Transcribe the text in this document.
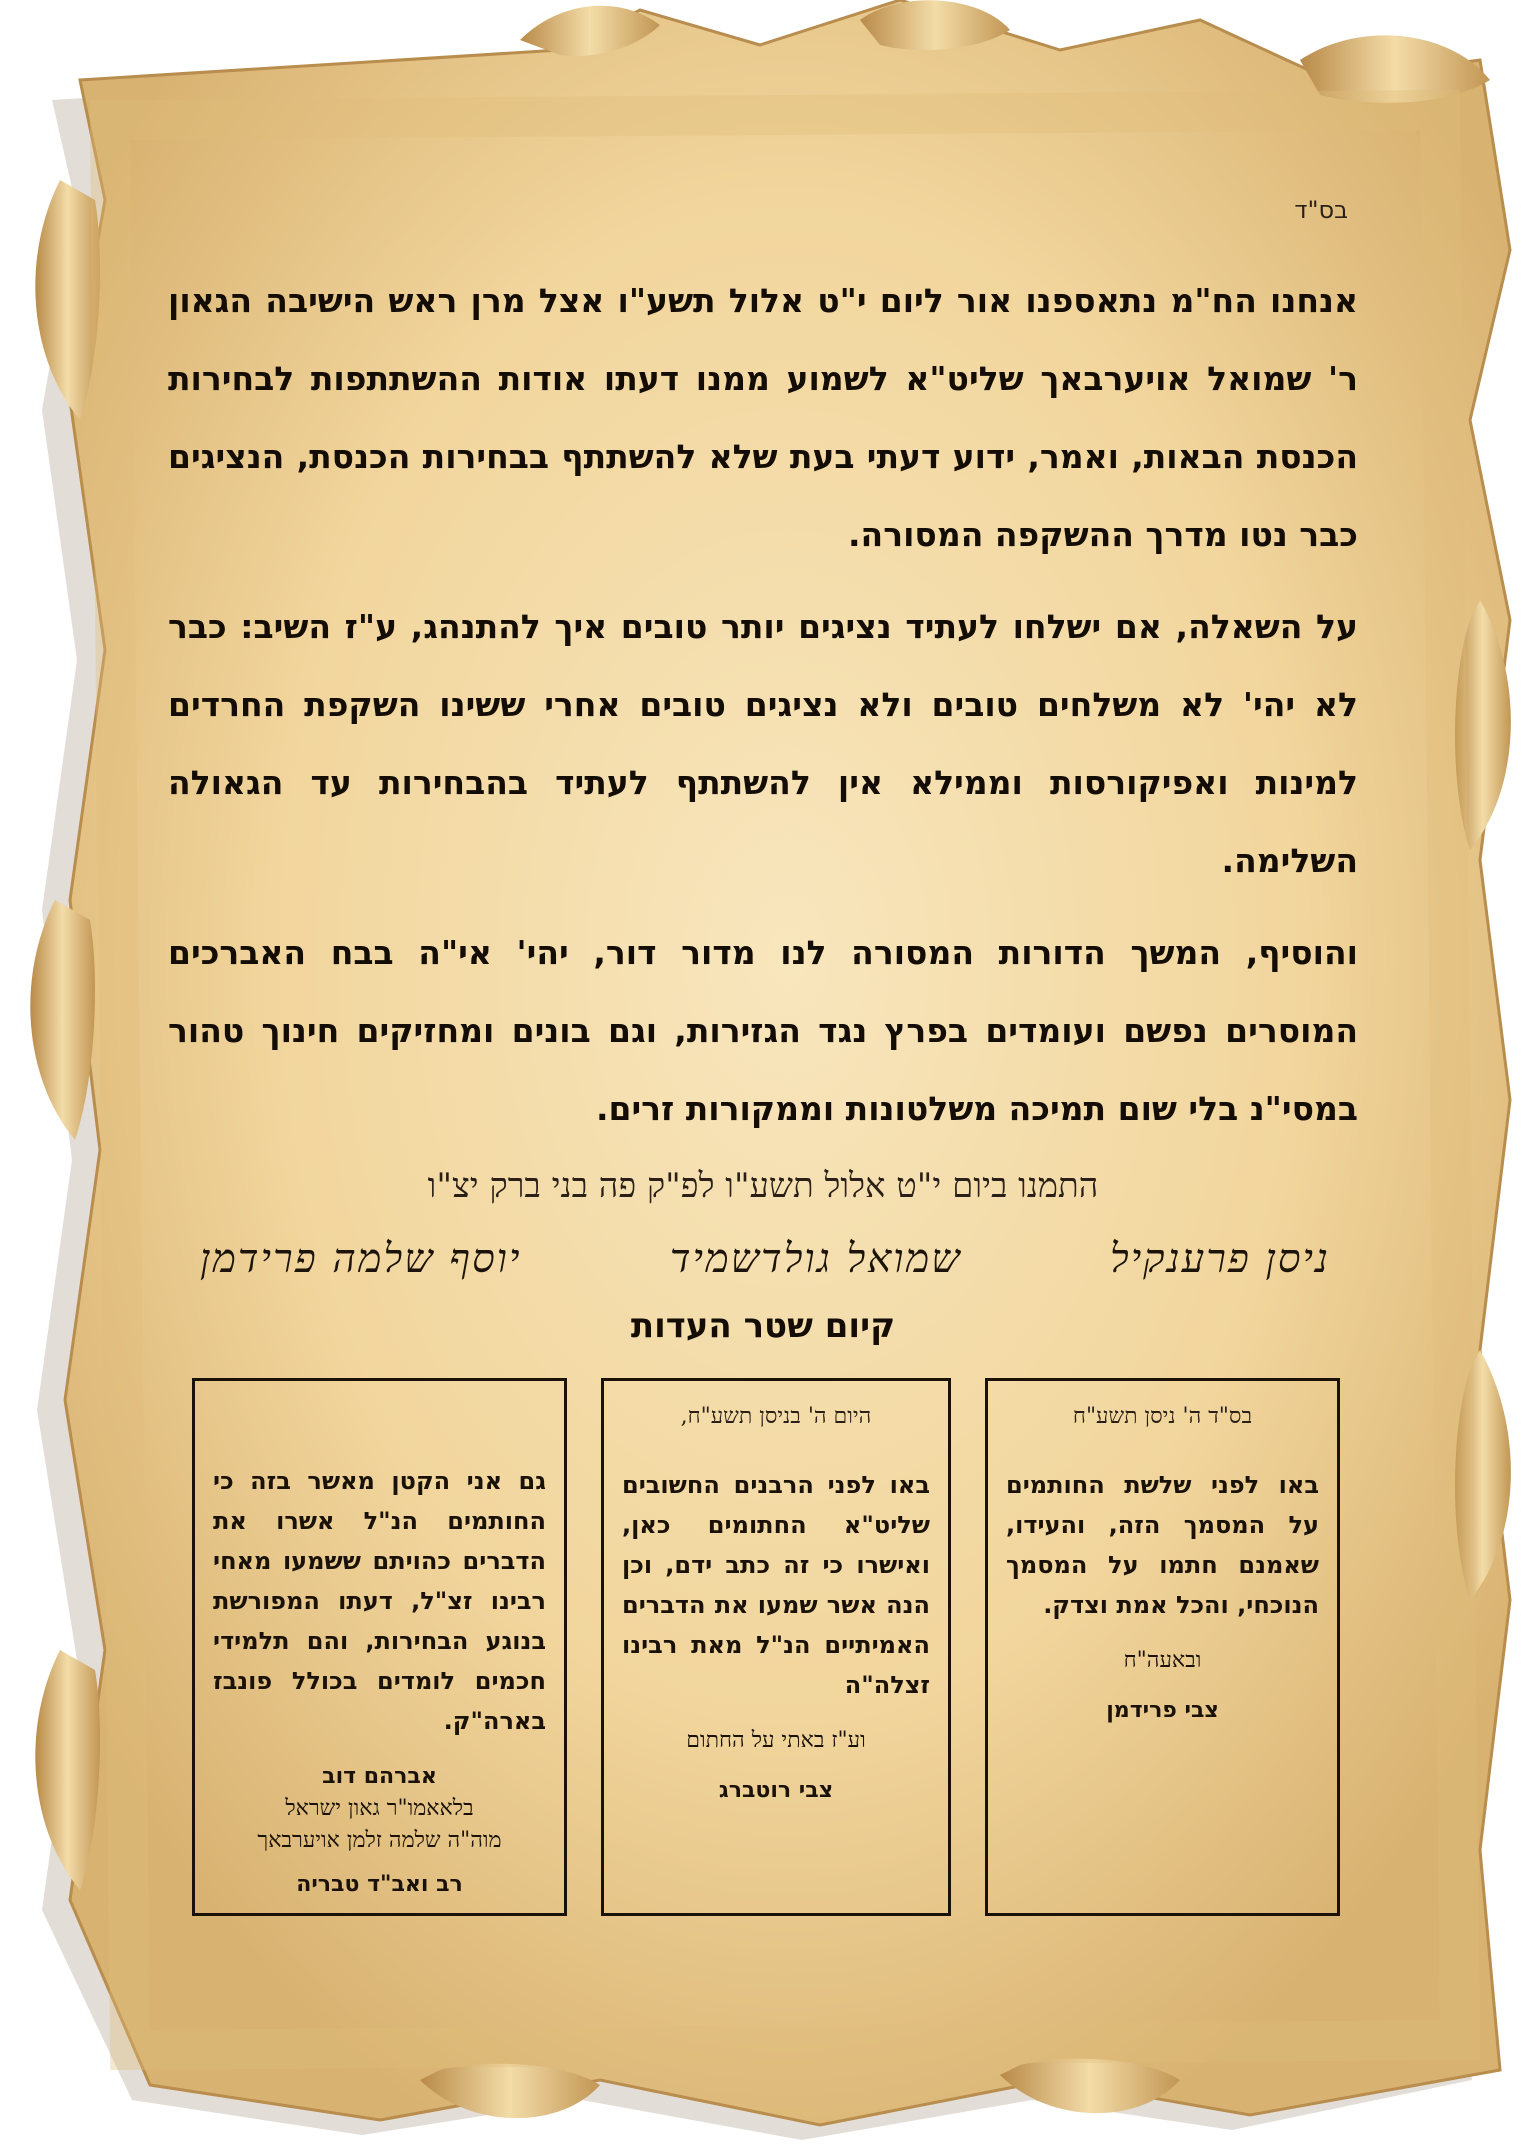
בס"ד

אנחנו הח"מ נתאספנו אור ליום י"ט אלול תשע"ו אצל מרן ראש הישיבה הגאון ר' שמואל אויערבאך שליט"א לשמוע ממנו דעתו אודות ההשתתפות לבחירות הכנסת הבאות, ואמר, ידוע דעתי בעת שלא להשתתף בבחירות הכנסת, הנציגים כבר נטו מדרך ההשקפה המסורה.

על השאלה, אם ישלחו לעתיד נציגים יותר טובים איך להתנהג, ע"ז השיב: כבר לא יהי' לא משלחים טובים ולא נציגים טובים אחרי ששינו השקפת החרדים למינות ואפיקורסות וממילא אין להשתתף לעתיד בהבחירות עד הגאולה השלימה.

והוסיף, המשך הדורות המסורה לנו מדור דור, יהי' אי"ה בבח האברכים המוסרים נפשם ועומדים בפרץ נגד הגזירות, וגם בונים ומחזיקים חינוך טהור במסי"נ בלי שום תמיכה משלטונות וממקורות זרים.

התמנו ביום י"ט אלול תשע"ו לפ"ק פה בני ברק יצ"ו
ניסן פרענקיל
שמואל גולדשמיד
יוסף שלמה פרידמן
קיום שטר העדות
בס"ד ה' ניסן תשע"ח
באו לפני שלשת החותמים על המסמך הזה, והעידו, שאמנם חתמו על המסמך הנוכחי, והכל אמת וצדק.
ובאעה"ח
צבי פרידמן
היום ה' בניסן תשע"ח,
באו לפני הרבנים החשובים שליט"א החתומים כאן, ואישרו כי זה כתב ידם, וכן הנה אשר שמעו את הדברים האמיתיים הנ"ל מאת רבינו זצלה"ה
וע"ז באתי על החתום
צבי רוטברג
גם אני הקטן מאשר בזה כי החותמים הנ"ל אשרו את הדברים כהויתם ששמעו מאחי רבינו זצ"ל, דעתו המפורשת בנוגע הבחירות, והם תלמידי חכמים לומדים בכולל פונבז בארה"ק.
אברהם דוב
בלאאמו"ר גאון ישראל
מוה"ה שלמה זלמן אויערבאך
רב ואב"ד טבריה
